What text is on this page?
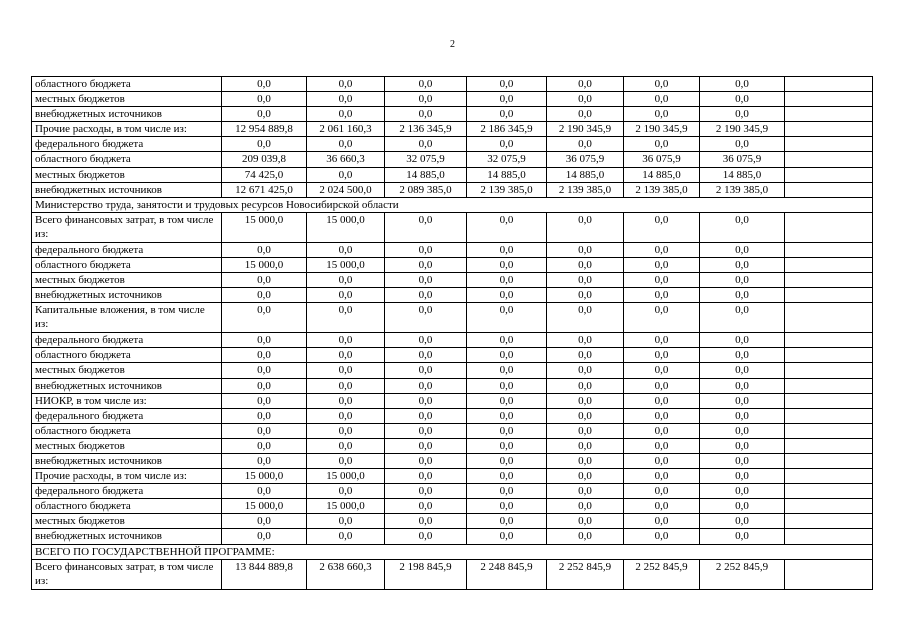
2
областного бюджета	0,0	0,0	0,0	0,0	0,0	0,0	0,0	
местных бюджетов	0,0	0,0	0,0	0,0	0,0	0,0	0,0	
внебюджетных источников	0,0	0,0	0,0	0,0	0,0	0,0	0,0	
Прочие расходы, в том числе из:	12 954 889,8	2 061 160,3	2 136 345,9	2 186 345,9	2 190 345,9	2 190 345,9	2 190 345,9	
федерального бюджета	0,0	0,0	0,0	0,0	0,0	0,0	0,0	
областного бюджета	209 039,8	36 660,3	32 075,9	32 075,9	36 075,9	36 075,9	36 075,9	
местных бюджетов	74 425,0	0,0	14 885,0	14 885,0	14 885,0	14 885,0	14 885,0	
внебюджетных источников	12 671 425,0	2 024 500,0	2 089 385,0	2 139 385,0	2 139 385,0	2 139 385,0	2 139 385,0	
Министерство труда, занятости и трудовых ресурсов Новосибирской области								
Всего финансовых затрат, в том числе из:	15 000,0	15 000,0	0,0	0,0	0,0	0,0	0,0	
федерального бюджета	0,0	0,0	0,0	0,0	0,0	0,0	0,0	
областного бюджета	15 000,0	15 000,0	0,0	0,0	0,0	0,0	0,0	
местных бюджетов	0,0	0,0	0,0	0,0	0,0	0,0	0,0	
внебюджетных источников	0,0	0,0	0,0	0,0	0,0	0,0	0,0	
Капитальные вложения, в том числе из:	0,0	0,0	0,0	0,0	0,0	0,0	0,0	
федерального бюджета	0,0	0,0	0,0	0,0	0,0	0,0	0,0	
областного бюджета	0,0	0,0	0,0	0,0	0,0	0,0	0,0	
местных бюджетов	0,0	0,0	0,0	0,0	0,0	0,0	0,0	
внебюджетных источников	0,0	0,0	0,0	0,0	0,0	0,0	0,0	
НИОКР, в том числе из:	0,0	0,0	0,0	0,0	0,0	0,0	0,0	
федерального бюджета	0,0	0,0	0,0	0,0	0,0	0,0	0,0	
областного бюджета	0,0	0,0	0,0	0,0	0,0	0,0	0,0	
местных бюджетов	0,0	0,0	0,0	0,0	0,0	0,0	0,0	
внебюджетных источников	0,0	0,0	0,0	0,0	0,0	0,0	0,0	
Прочие расходы, в том числе из:	15 000,0	15 000,0	0,0	0,0	0,0	0,0	0,0	
федерального бюджета	0,0	0,0	0,0	0,0	0,0	0,0	0,0	
областного бюджета	15 000,0	15 000,0	0,0	0,0	0,0	0,0	0,0	
местных бюджетов	0,0	0,0	0,0	0,0	0,0	0,0	0,0	
внебюджетных источников	0,0	0,0	0,0	0,0	0,0	0,0	0,0	
ВСЕГО ПО ГОСУДАРСТВЕННОЙ ПРОГРАММЕ:								
Всего финансовых затрат, в том числе из:	13 844 889,8	2 638 660,3	2 198 845,9	2 248 845,9	2 252 845,9	2 252 845,9	2 252 845,9	
